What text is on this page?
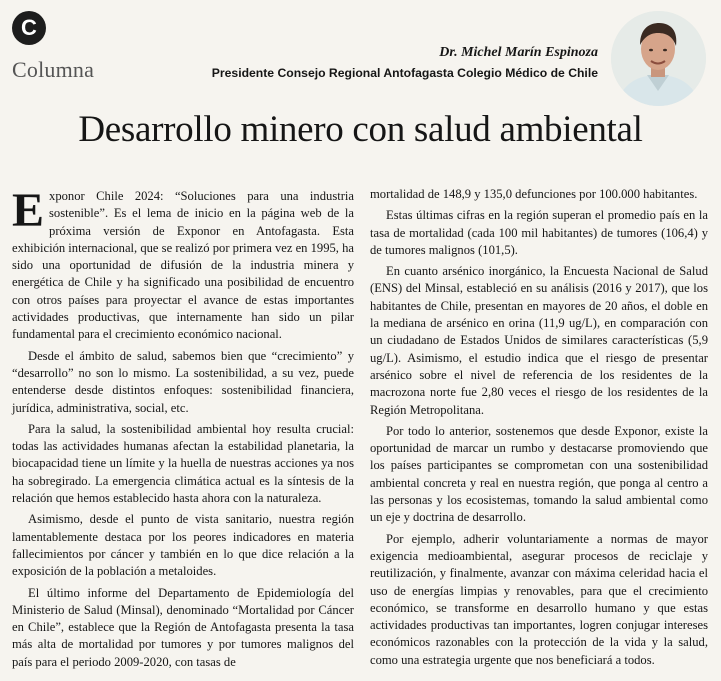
C
Columna
Dr. Michel Marín Espinoza
Presidente Consejo Regional Antofagasta Colegio Médico de Chile
Desarrollo minero con salud ambiental

Exponor Chile 2024: “Soluciones para una industria sostenible”. Es el lema de inicio en la página web de la próxima versión de Exponor en Antofagasta. Esta exhibición internacional, que se realizó por primera vez en 1995, ha sido una oportunidad de difusión de la industria minera y energética de Chile y ha significado una posibilidad de encuentro con otros países para proyectar el avance de estas importantes actividades productivas, que internamente han sido un pilar fundamental para el crecimiento económico nacional.

Desde el ámbito de salud, sabemos bien que “crecimiento” y “desarrollo” no son lo mismo. La sostenibilidad, a su vez, puede entenderse desde distintos enfoques: sostenibilidad financiera, jurídica, administrativa, social, etc.

Para la salud, la sostenibilidad ambiental hoy resulta crucial: todas las actividades humanas afectan la estabilidad planetaria, la biocapacidad tiene un límite y la huella de nuestras acciones ya nos ha sobregirado. La emergencia climática actual es la síntesis de la relación que hemos establecido hasta ahora con la naturaleza.

Asimismo, desde el punto de vista sanitario, nuestra región lamentablemente destaca por los peores indicadores en materia fallecimientos por cáncer y también en lo que dice relación a la exposición de la población a metaloides.

El último informe del Departamento de Epidemiología del Ministerio de Salud (Minsal), denominado “Mortalidad por Cáncer en Chile”, establece que la Región de Antofagasta presenta la tasa más alta de mortalidad por tumores y por tumores malignos del país para el periodo 2009-2020, con tasas de

mortalidad de 148,9 y 135,0 defunciones por 100.000 habitantes.

Estas últimas cifras en la región superan el promedio país en la tasa de mortalidad (cada 100 mil habitantes) de tumores (106,4) y de tumores malignos (101,5).

En cuanto arsénico inorgánico, la Encuesta Nacional de Salud (ENS) del Minsal, estableció en su análisis (2016 y 2017), que los habitantes de Chile, presentan en mayores de 20 años, el doble en la mediana de arsénico en orina (11,9 ug/L), en comparación con un ciudadano de Estados Unidos de similares características (5,9 ug/L). Asimismo, el estudio indica que el riesgo de presentar arsénico sobre el nivel de referencia de los residentes de la macrozona norte fue 2,80 veces el riesgo de los residentes de la Región Metropolitana.

Por todo lo anterior, sostenemos que desde Exponor, existe la oportunidad de marcar un rumbo y destacarse promoviendo que los países participantes se comprometan con una sostenibilidad ambiental concreta y real en nuestra región, que ponga al centro a las personas y los ecosistemas, tomando la salud ambiental como un eje y doctrina de desarrollo.

Por ejemplo, adherir voluntariamente a normas de mayor exigencia medioambiental, asegurar procesos de reciclaje y reutilización, y finalmente, avanzar con máxima celeridad hacia el uso de energías limpias y renovables, para que el crecimiento económico, se transforme en desarrollo humano y que estas actividades productivas tan importantes, logren conjugar intereses económicos razonables con la protección de la vida y la salud, como una estrategia urgente que nos beneficiará a todos.
